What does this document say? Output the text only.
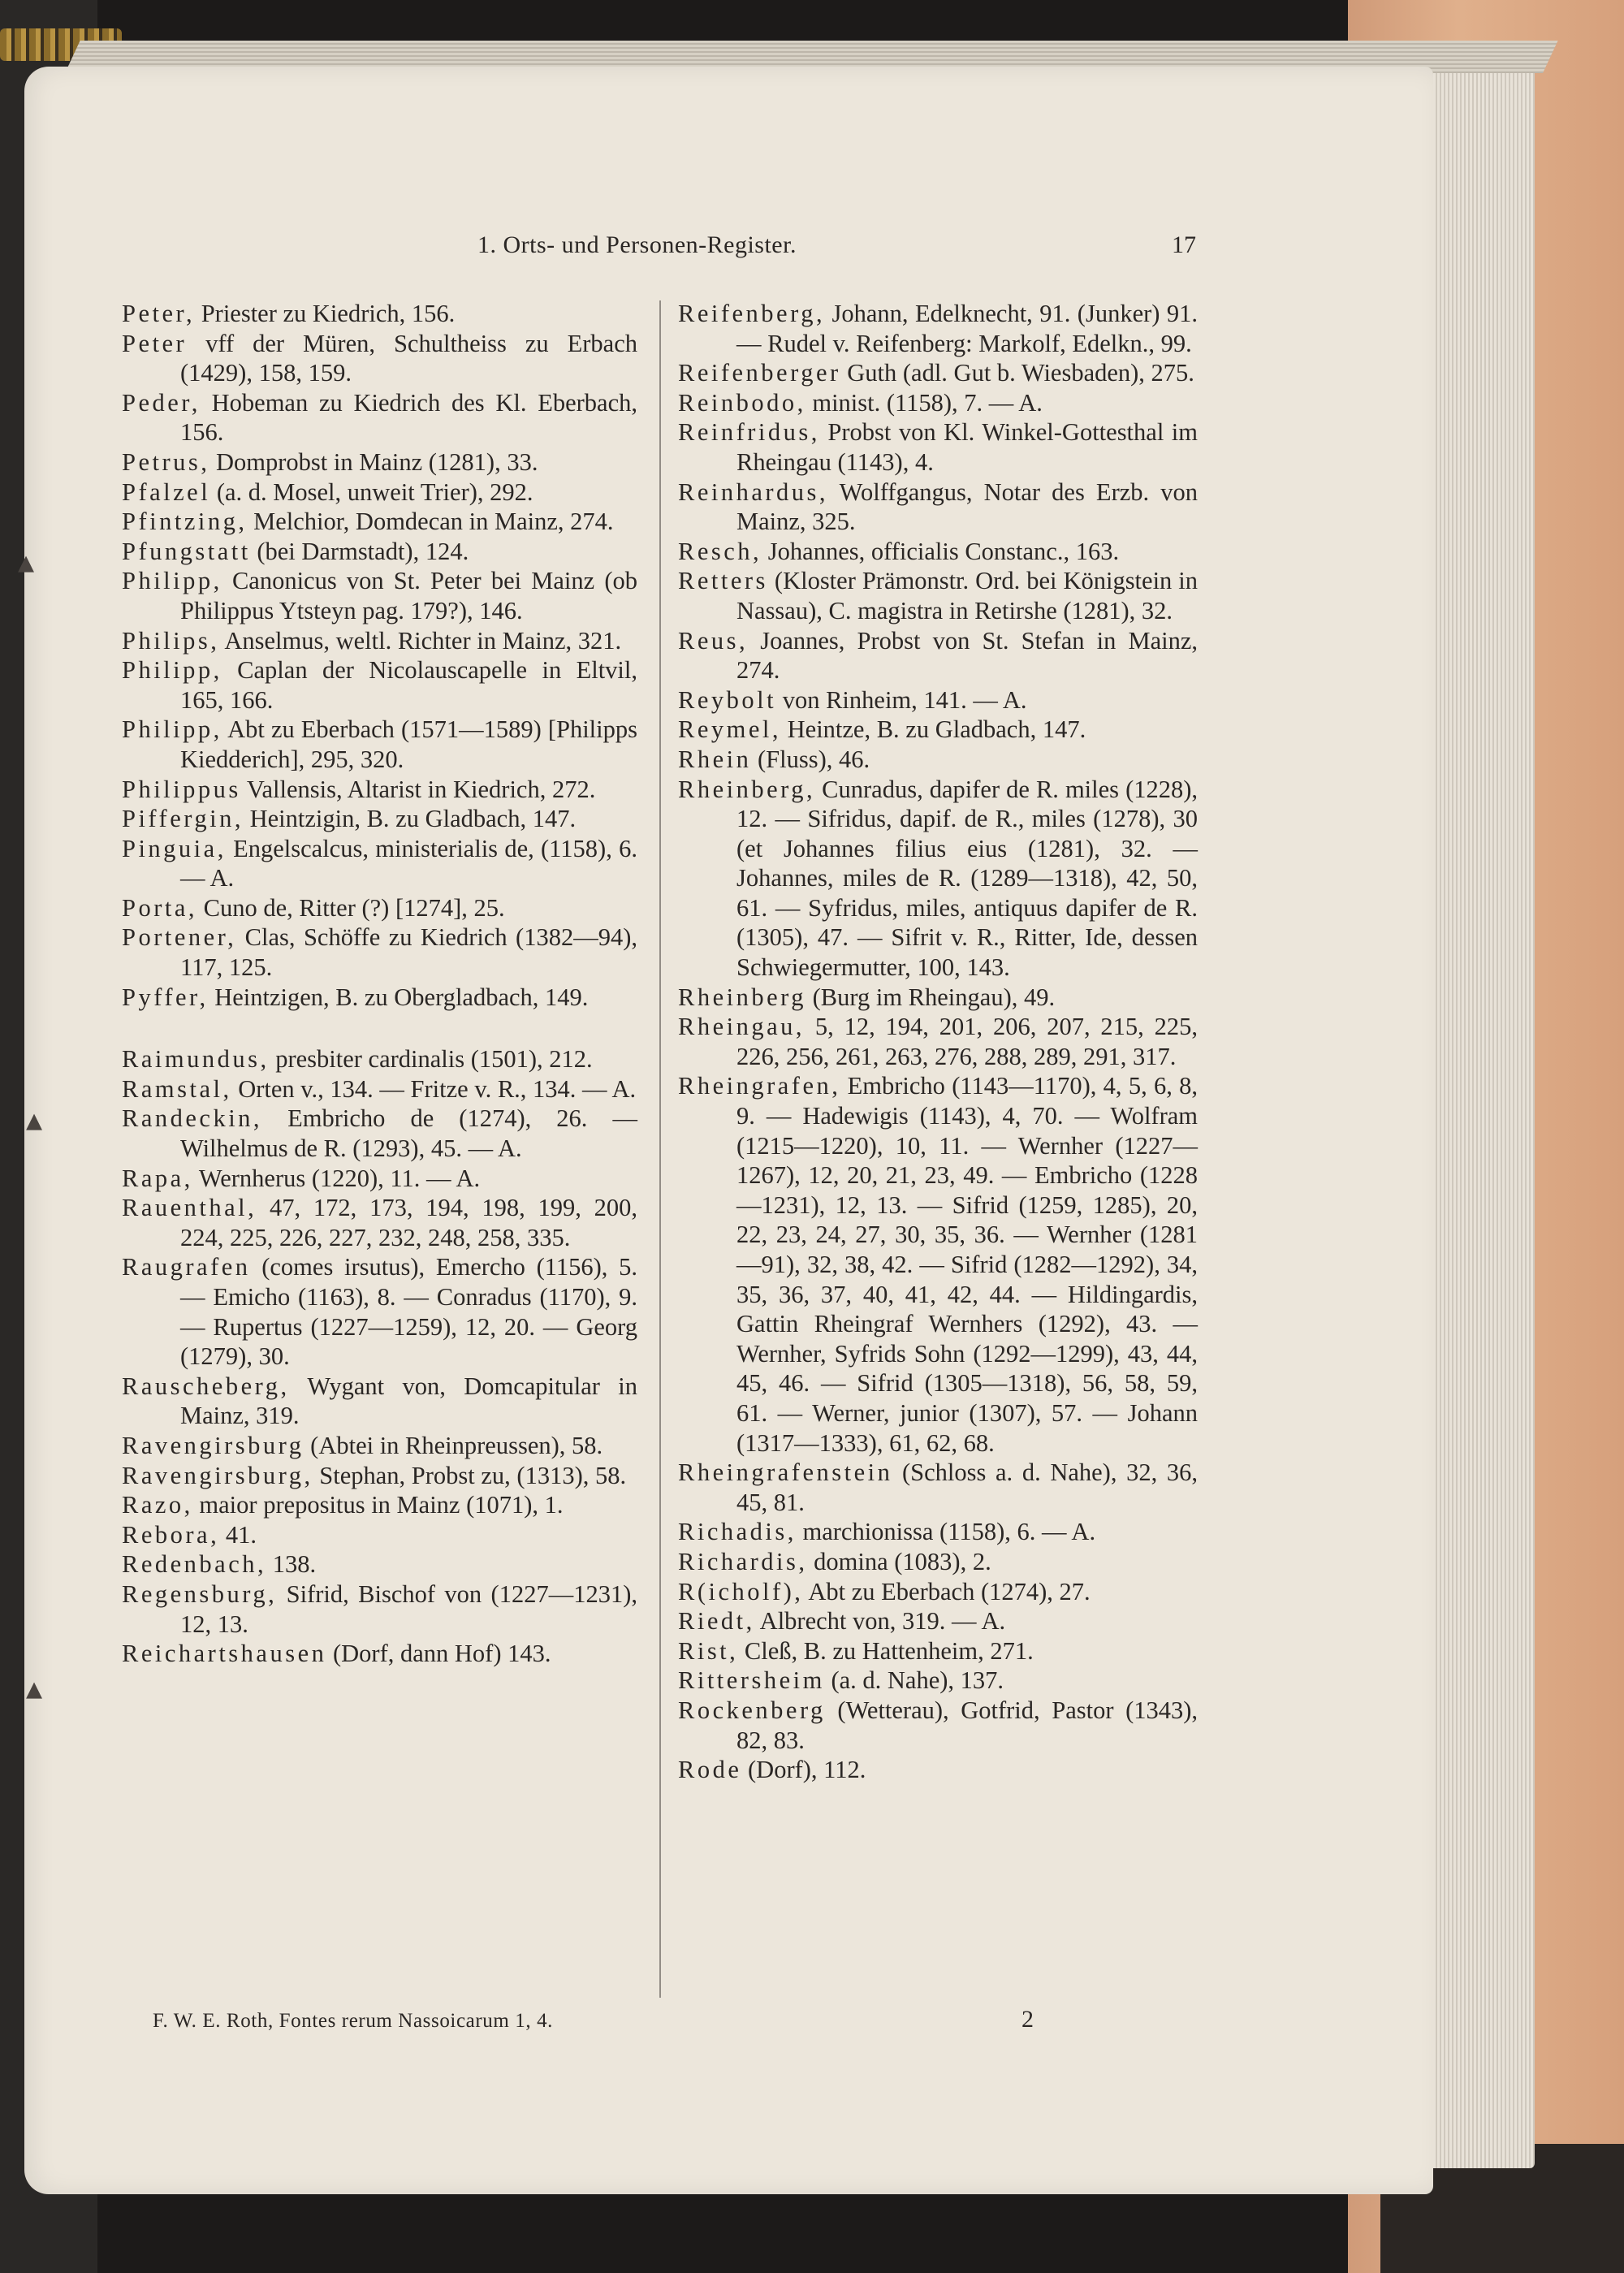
1. Orts- und Personen-Register.	17

Peter, Priester zu Kiedrich, 156.

Peter vff der Müren, Schultheiss zu Erbach (1429), 158, 159.

Peder, Hobeman zu Kiedrich des Kl. Eberbach, 156.

Petrus, Domprobst in Mainz (1281), 33.

Pfalzel (a. d. Mosel, unweit Trier), 292.

Pfintzing, Melchior, Domdecan in Mainz, 274.

Pfungstatt (bei Darmstadt), 124.

Philipp, Canonicus von St. Peter bei Mainz (ob Philippus Ytsteyn pag. 179?), 146.

Philips, Anselmus, weltl. Richter in Mainz, 321.

Philipp, Caplan der Nicolauscapelle in Eltvil, 165, 166.

Philipp, Abt zu Eberbach (1571—1589) [Philipps Kiedderich], 295, 320.

Philippus Vallensis, Altarist in Kiedrich, 272.

Piffergin, Heintzigin, B. zu Gladbach, 147.

Pinguia, Engelscalcus, ministerialis de, (1158), 6. — A.

Porta, Cuno de, Ritter (?) [1274], 25.

Portener, Clas, Schöffe zu Kiedrich (1382—94), 117, 125.

Pyffer, Heintzigen, B. zu Obergladbach, 149.

Raimundus, presbiter cardinalis (1501), 212.

Ramstal, Orten v., 134. — Fritze v. R., 134. — A.

Randeckin, Embricho de (1274), 26. — Wilhelmus de R. (1293), 45. — A.

Rapa, Wernherus (1220), 11. — A.

Rauenthal, 47, 172, 173, 194, 198, 199, 200, 224, 225, 226, 227, 232, 248, 258, 335.

Raugrafen (comes irsutus), Emercho (1156), 5. — Emicho (1163), 8. — Conradus (1170), 9. — Rupertus (1227—1259), 12, 20. — Georg (1279), 30.

Rauscheberg, Wygant von, Domcapitular in Mainz, 319.

Ravengirsburg (Abtei in Rheinpreussen), 58.

Ravengirsburg, Stephan, Probst zu, (1313), 58.

Razo, maior prepositus in Mainz (1071), 1.

Rebora, 41.

Redenbach, 138.

Regensburg, Sifrid, Bischof von (1227—1231), 12, 13.

Reichartshausen (Dorf, dann Hof) 143.

Reifenberg, Johann, Edelknecht, 91. (Junker) 91. — Rudel v. Reifenberg: Markolf, Edelkn., 99.

Reifenberger Guth (adl. Gut b. Wiesbaden), 275.

Reinbodo, minist. (1158), 7. — A.

Reinfridus, Probst von Kl. Winkel-Gottesthal im Rheingau (1143), 4.

Reinhardus, Wolffgangus, Notar des Erzb. von Mainz, 325.

Resch, Johannes, officialis Constanc., 163.

Retters (Kloster Prämonstr. Ord. bei Königstein in Nassau), C. magistra in Retirshe (1281), 32.

Reus, Joannes, Probst von St. Stefan in Mainz, 274.

Reybolt von Rinheim, 141. — A.

Reymel, Heintze, B. zu Gladbach, 147.

Rhein (Fluss), 46.

Rheinberg, Cunradus, dapifer de R. miles (1228), 12. — Sifridus, dapif. de R., miles (1278), 30 (et Johannes filius eius (1281), 32. — Johannes, miles de R. (1289—1318), 42, 50, 61. — Syfridus, miles, antiquus dapifer de R. (1305), 47. — Sifrit v. R., Ritter, Ide, dessen Schwiegermutter, 100, 143.

Rheinberg (Burg im Rheingau), 49.

Rheingau, 5, 12, 194, 201, 206, 207, 215, 225, 226, 256, 261, 263, 276, 288, 289, 291, 317.

Rheingrafen, Embricho (1143—1170), 4, 5, 6, 8, 9. — Hadewigis (1143), 4, 70. — Wolfram (1215—1220), 10, 11. — Wernher (1227—1267), 12, 20, 21, 23, 49. — Embricho (1228 —1231), 12, 13. — Sifrid (1259, 1285), 20, 22, 23, 24, 27, 30, 35, 36. — Wernher (1281—91), 32, 38, 42. — Sifrid (1282—1292), 34, 35, 36, 37, 40, 41, 42, 44. — Hildingardis, Gattin Rheingraf Wernhers (1292), 43. — Wernher, Syfrids Sohn (1292—1299), 43, 44, 45, 46. — Sifrid (1305—1318), 56, 58, 59, 61. — Werner, junior (1307), 57. — Johann (1317—1333), 61, 62, 68.

Rheingrafenstein (Schloss a. d. Nahe), 32, 36, 45, 81.

Richadis, marchionissa (1158), 6. — A.

Richardis, domina (1083), 2.

R(icholf), Abt zu Eberbach (1274), 27.

Riedt, Albrecht von, 319. — A.

Rist, Cleß, B. zu Hattenheim, 271.

Rittersheim (a. d. Nahe), 137.

Rockenberg (Wetterau), Gotfrid, Pastor (1343), 82, 83.

Rode (Dorf), 112.

F. W. E. Roth, Fontes rerum Nassoicarum 1, 4.	2
▴
▴
▴
